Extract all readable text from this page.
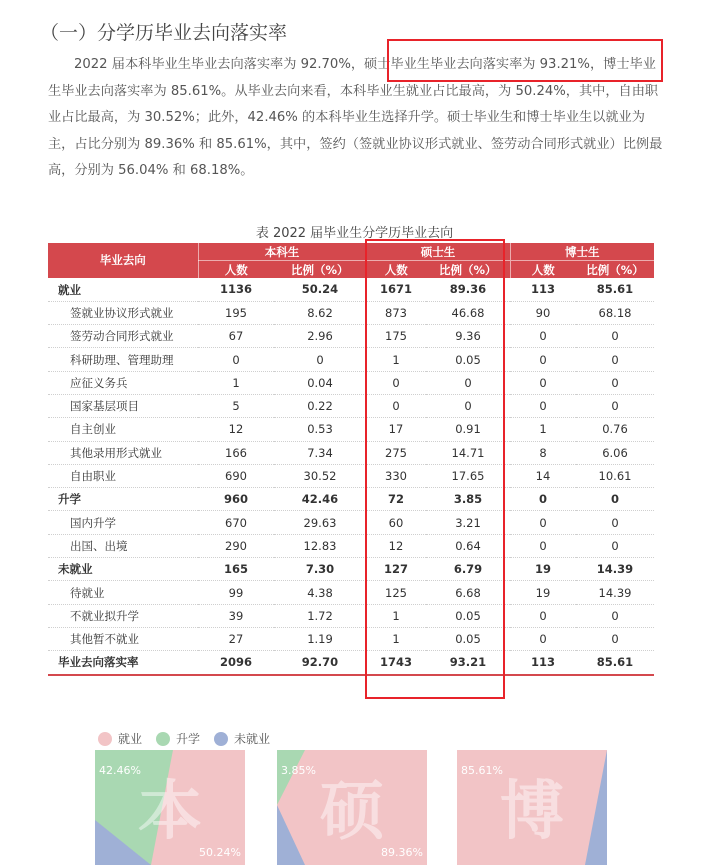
（一）分学历毕业去向落实率

2022 届本科毕业生毕业去向落实率为 92.70%，硕士毕业生毕业去向落实率为 93.21%，博士毕业生毕业去向落实率为 85.61%。从毕业去向来看，本科毕业生就业占比最高，为 50.24%，其中，自由职业占比最高，为 30.52%；此外，42.46% 的本科毕业生选择升学。硕士毕业生和博士毕业生以就业为主，占比分别为 89.36% 和 85.61%，其中，签约（签就业协议形式就业、签劳动合同形式就业）比例最高，分别为 56.04% 和 68.18%。

表 2022 届毕业生分学历毕业去向
毕业去向	本科生		硕士生		博士生	
	人数	比例（%）	人数	比例（%）	人数	比例（%）
就业	1136	50.24	1671	89.36	113	85.61
签就业协议形式就业	195	8.62	873	46.68	90	68.18
签劳动合同形式就业	67	2.96	175	9.36	0	0
科研助理、管理助理	0	0	1	0.05	0	0
应征义务兵	1	0.04	0	0	0	0
国家基层项目	5	0.22	0	0	0	0
自主创业	12	0.53	17	0.91	1	0.76
其他录用形式就业	166	7.34	275	14.71	8	6.06
自由职业	690	30.52	330	17.65	14	10.61
升学	960	42.46	72	3.85	0	0
国内升学	670	29.63	60	3.21	0	0
出国、出境	290	12.83	12	0.64	0	0
未就业	165	7.30	127	6.79	19	14.39
待就业	99	4.38	125	6.68	19	14.39
不就业拟升学	39	1.72	1	0.05	0	0
其他暂不就业	27	1.19	1	0.05	0	0
毕业去向落实率	2096	92.70	1743	93.21	113	85.61
就业	升学	未就业
本
42.46%
50.24%
硕
3.85%
89.36%
博
85.61%
